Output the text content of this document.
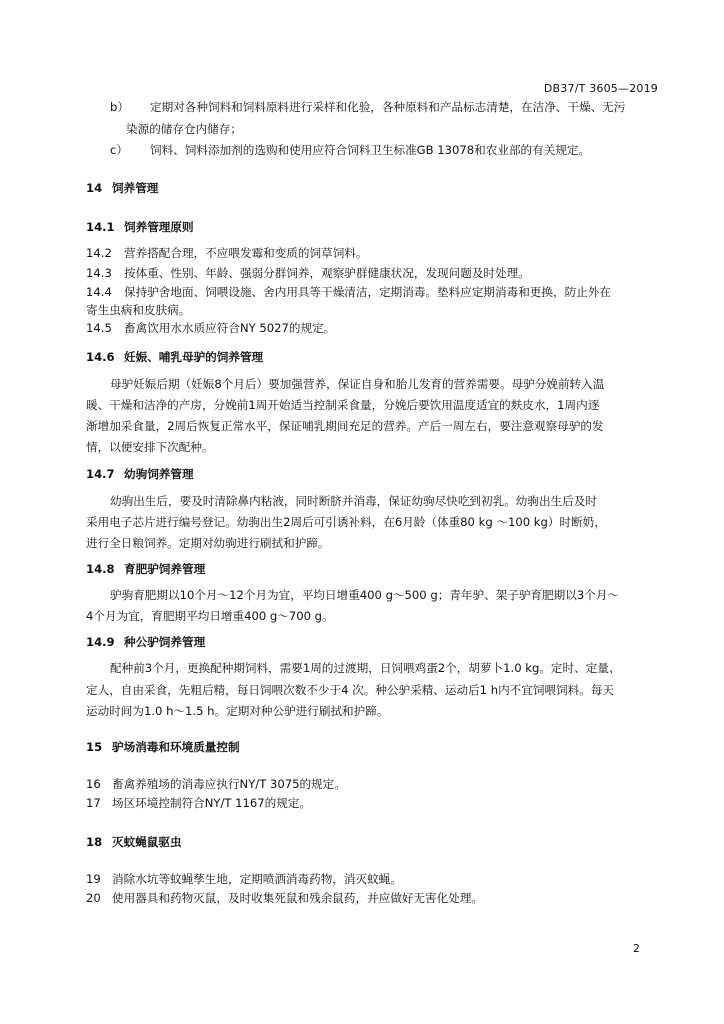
DB37/T 3605—2019
b） 定期对各种饲料和饲料原料进行采样和化验，各种原料和产品标志清楚，在洁净、干燥、无污
染源的储存仓内储存；
c） 饲料、饲料添加剂的选购和使用应符合饲料卫生标准GB 13078和农业部的有关规定。
14 饲养管理
14.1 饲养管理原则
14.2 营养搭配合理，不应喂发霉和变质的饲草饲料。
14.3 按体重、性别、年龄、强弱分群饲养，观察驴群健康状况，发现问题及时处理。
14.4 保持驴舍地面、饲喂设施、舍内用具等干燥清洁，定期消毒。垫料应定期消毒和更换，防止外在
寄生虫病和皮肤病。
14.5 畜禽饮用水水质应符合NY 5027的规定。
14.6 妊娠、哺乳母驴的饲养管理
母驴妊娠后期（妊娠8个月后）要加强营养，保证自身和胎儿发育的营养需要。母驴分娩前转入温
暖、干燥和洁净的产房，分娩前1周开始适当控制采食量，分娩后要饮用温度适宜的麸皮水，1周内逐
渐增加采食量，2周后恢复正常水平，保证哺乳期间充足的营养。产后一周左右，要注意观察母驴的发
情，以便安排下次配种。
14.7 幼驹饲养管理
幼驹出生后，要及时清除鼻内粘液，同时断脐并消毒，保证幼驹尽快吃到初乳。幼驹出生后及时
采用电子芯片进行编号登记。幼驹出生2周后可引诱补料，在6月龄（体重80 kg ～100 kg）时断奶，
进行全日粮饲养。定期对幼驹进行刷拭和护蹄。
14.8 育肥驴饲养管理
驴驹育肥期以10个月～12个月为宜，平均日增重400 g～500 g；青年驴、架子驴育肥期以3个月～
4个月为宜，育肥期平均日增重400 g～700 g。
14.9 种公驴饲养管理
配种前3个月，更换配种期饲料，需要1周的过渡期，日饲喂鸡蛋2个，胡萝卜1.0 kg。定时、定量、
定人，自由采食，先粗后精，每日饲喂次数不少于4 次。种公驴采精、运动后1 h内不宜饲喂饲料。每天
运动时间为1.0 h～1.5 h。定期对种公驴进行刷拭和护蹄。
15 驴场消毒和环境质量控制
16 畜禽养殖场的消毒应执行NY/T 3075的规定。
17 场区环境控制符合NY/T 1167的规定。
18 灭蚊蝇鼠驱虫
19 消除水坑等蚊蝇孳生地，定期喷洒消毒药物，消灭蚊蝇。
20 使用器具和药物灭鼠，及时收集死鼠和残余鼠药，并应做好无害化处理。
2
